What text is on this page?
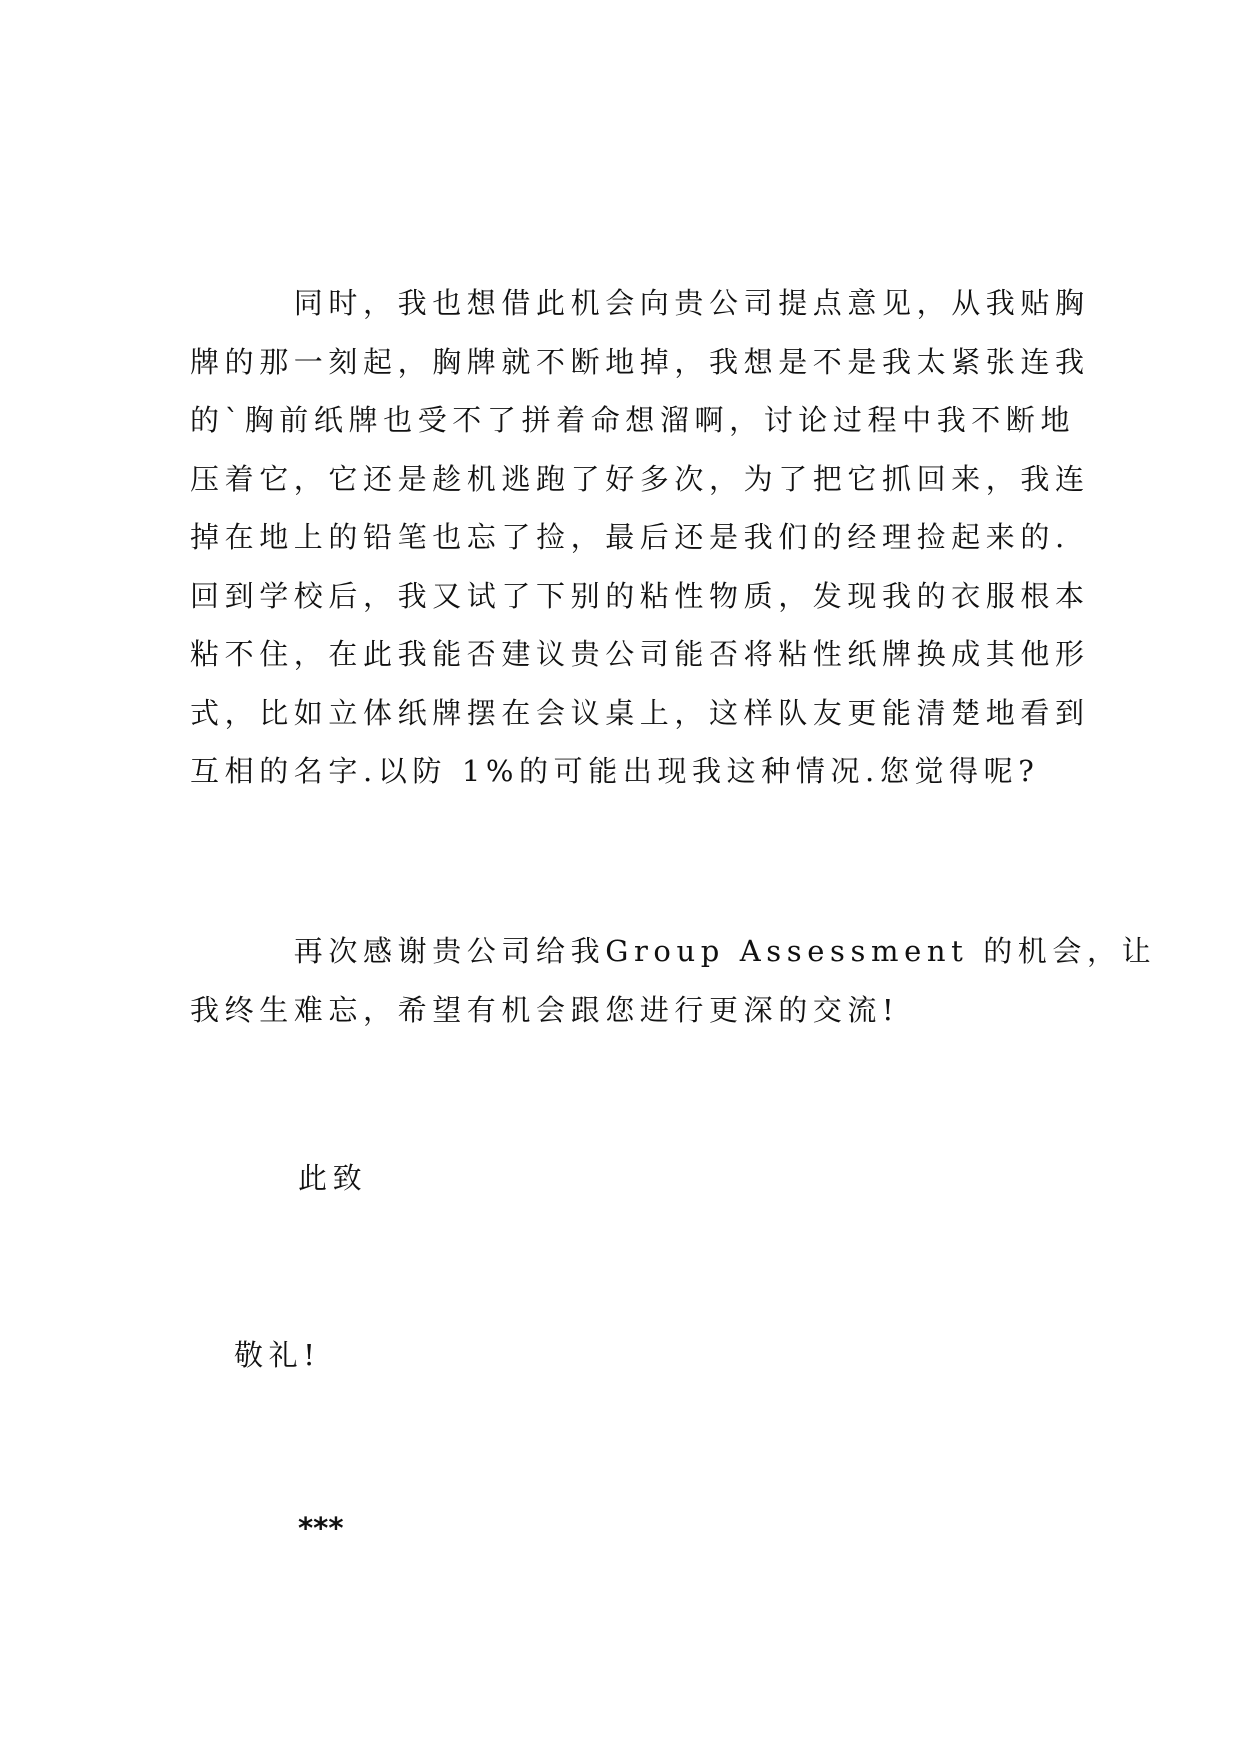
　　　同时，我也想借此机会向贵公司提点意见，从我贴胸
牌的那一刻起，胸牌就不断地掉，我想是不是我太紧张连我
的`胸前纸牌也受不了拼着命想溜啊，讨论过程中我不断地
压着它，它还是趁机逃跑了好多次，为了把它抓回来，我连
掉在地上的铅笔也忘了捡，最后还是我们的经理捡起来的.
回到学校后，我又试了下别的粘性物质，发现我的衣服根本
粘不住，在此我能否建议贵公司能否将粘性纸牌换成其他形
式，比如立体纸牌摆在会议桌上，这样队友更能清楚地看到
互相的名字.以防 1%的可能出现我这种情况.您觉得呢?

　　　再次感谢贵公司给我Group Assessment 的机会，让
我终生难忘，希望有机会跟您进行更深的交流!

此致

敬礼!

***
